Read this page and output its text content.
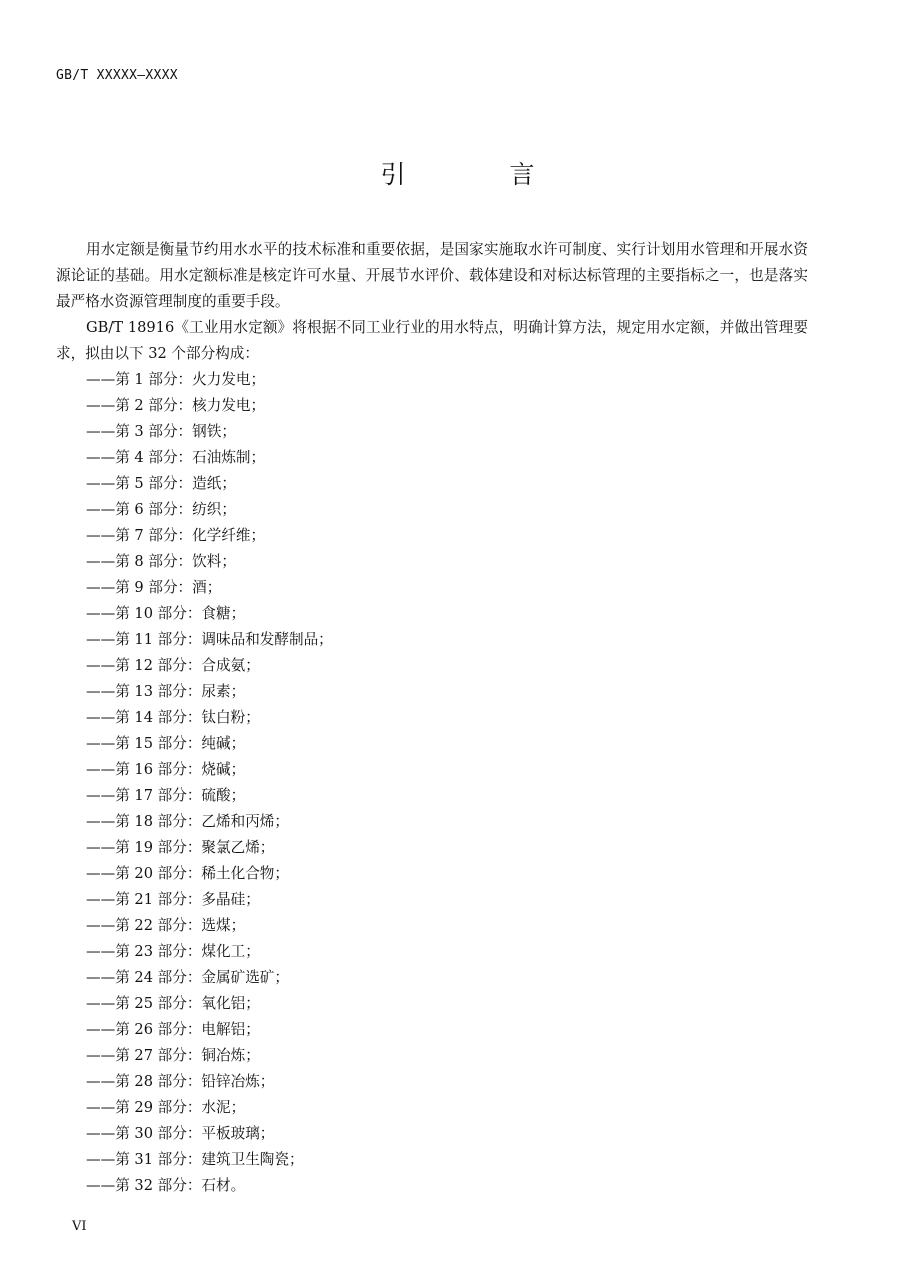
GB/T XXXXX—XXXX
引 言

用水定额是衡量节约用水水平的技术标准和重要依据，是国家实施取水许可制度、实行计划用水管理和开展水资源论证的基础。用水定额标准是核定许可水量、开展节水评价、载体建设和对标达标管理的主要指标之一，也是落实最严格水资源管理制度的重要手段。

GB/T 18916《工业用水定额》将根据不同工业行业的用水特点，明确计算方法，规定用水定额，并做出管理要求，拟由以下 32 个部分构成：

——第 1 部分：火力发电；
——第 2 部分：核力发电；
——第 3 部分：钢铁；
——第 4 部分：石油炼制；
——第 5 部分：造纸；
——第 6 部分：纺织；
——第 7 部分：化学纤维；
——第 8 部分：饮料；
——第 9 部分：酒；
——第 10 部分：食糖；
——第 11 部分：调味品和发酵制品；
——第 12 部分：合成氨；
——第 13 部分：尿素；
——第 14 部分：钛白粉；
——第 15 部分：纯碱；
——第 16 部分：烧碱；
——第 17 部分：硫酸；
——第 18 部分：乙烯和丙烯；
——第 19 部分：聚氯乙烯；
——第 20 部分：稀土化合物；
——第 21 部分：多晶硅；
——第 22 部分：选煤；
——第 23 部分：煤化工；
——第 24 部分：金属矿选矿；
——第 25 部分：氧化铝；
——第 26 部分：电解铝；
——第 27 部分：铜冶炼；
——第 28 部分：铅锌冶炼；
——第 29 部分：水泥；
——第 30 部分：平板玻璃；
——第 31 部分：建筑卫生陶瓷；
——第 32 部分：石材。
VI
